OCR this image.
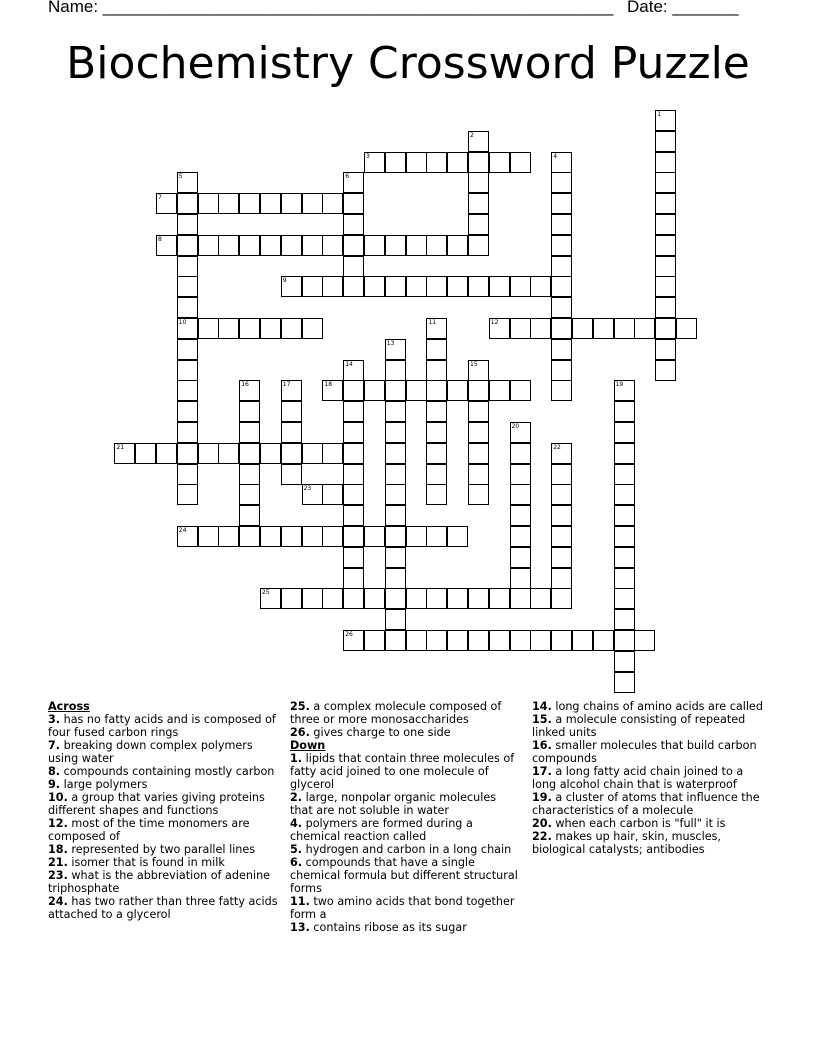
Name: ______________________________________________________ Date: _______
Biochemistry Crossword Puzzle
1
2
3	4
5
10
6
7
8
9
11	12
13
14	15
16	17	18	19
20
21	22
23
24
25
26

Across

3. has no fatty acids and is composed of four fused carbon rings

7. breaking down complex polymers using water

8. compounds containing mostly carbon

9. large polymers

10. a group that varies giving proteins different shapes and functions

12. most of the time monomers are composed of

18. represented by two parallel lines

21. isomer that is found in milk

23. what is the abbreviation of adenine triphosphate

24. has two rather than three fatty acids attached to a glycerol

25. a complex molecule composed of three or more monosaccharides

26. gives charge to one side

Down

1. lipids that contain three molecules of fatty acid joined to one molecule of glycerol

2. large, nonpolar organic molecules that are not soluble in water

4. polymers are formed during a chemical reaction called

5. hydrogen and carbon in a long chain

6. compounds that have a single chemical formula but different structural forms

11. two amino acids that bond together form a

13. contains ribose as its sugar

14. long chains of amino acids are called

15. a molecule consisting of repeated linked units

16. smaller molecules that build carbon compounds

17. a long fatty acid chain joined to a long alcohol chain that is waterproof

19. a cluster of atoms that influence the characteristics of a molecule

20. when each carbon is "full" it is

22. makes up hair, skin, muscles, biological catalysts; antibodies
